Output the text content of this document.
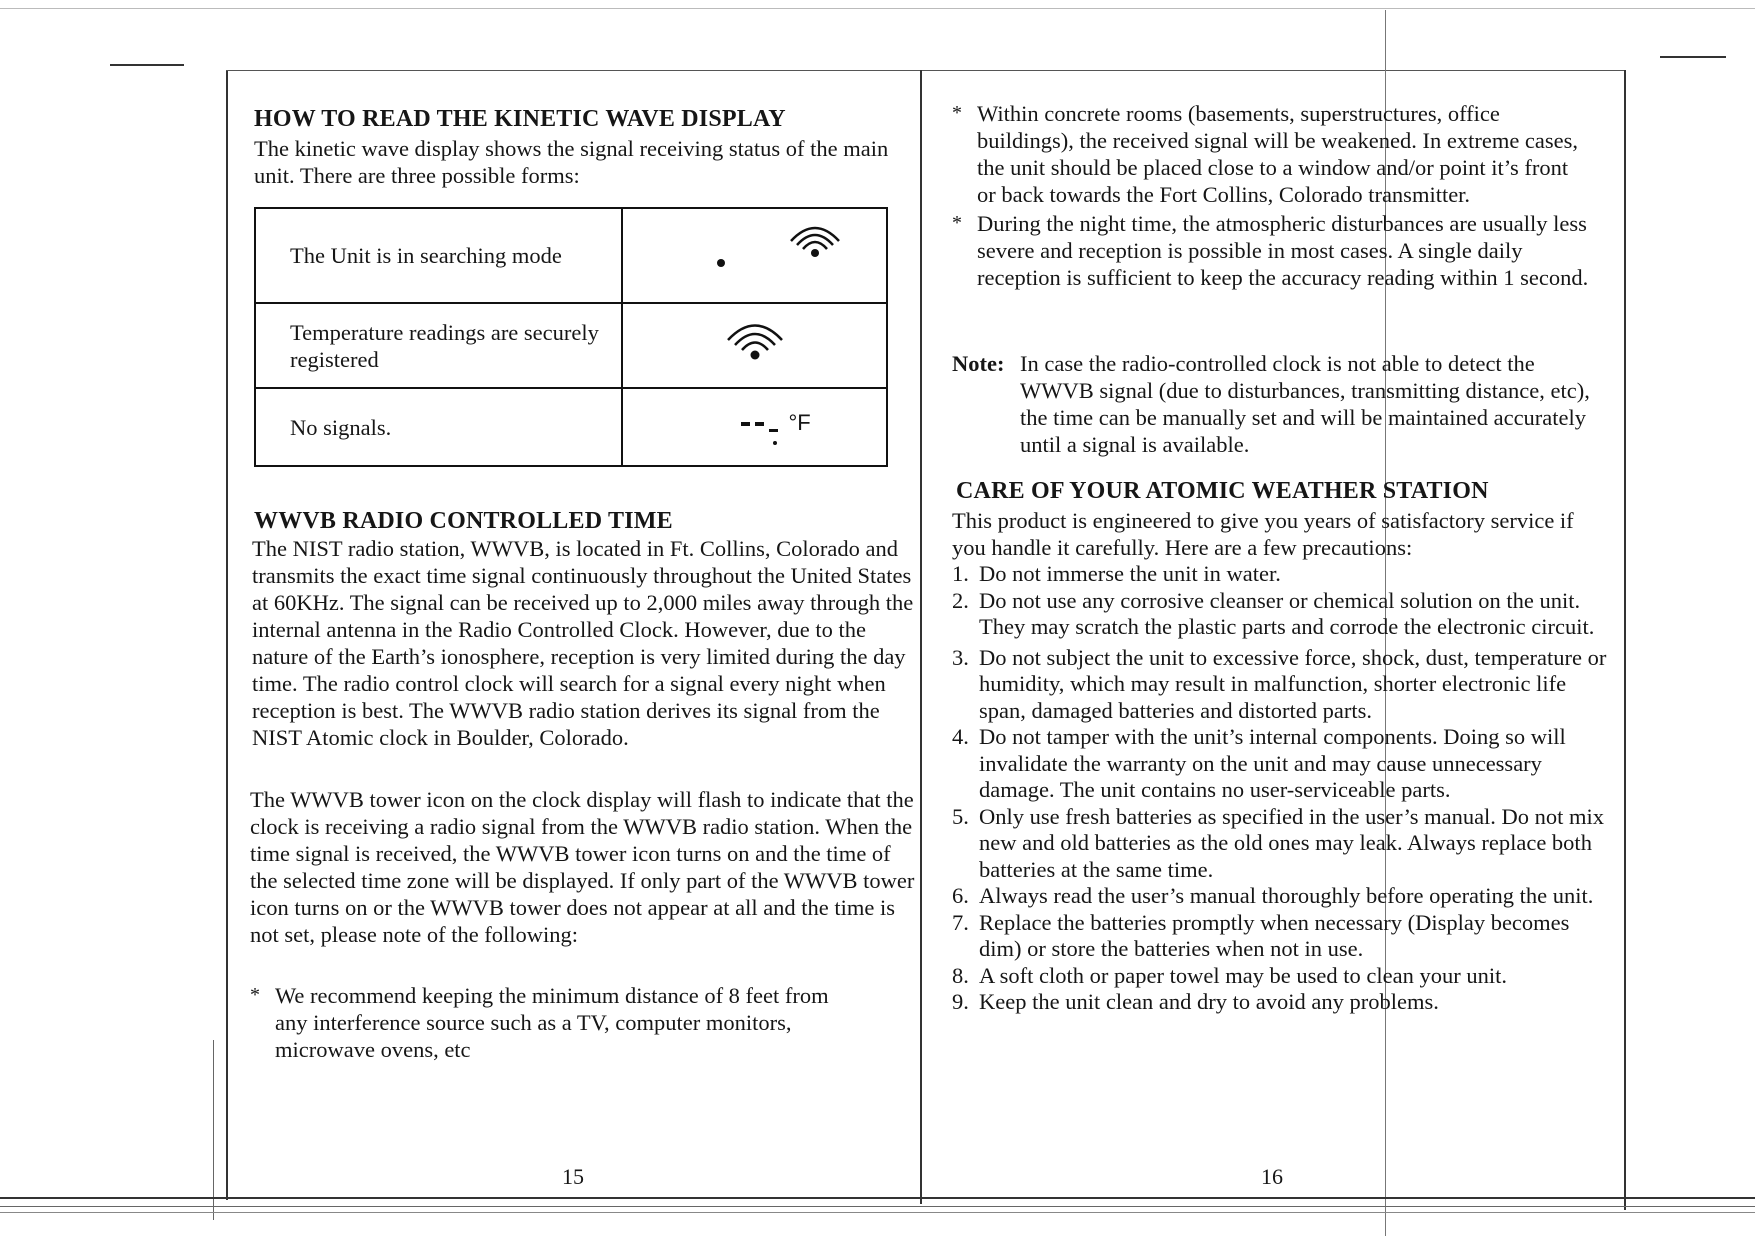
HOW TO READ THE KINETIC WAVE DISPLAY

The kinetic wave display shows the signal receiving status of the main unit. There are three possible forms:

The Unit is in searching mode	
Temperature readings are securely registered	
No signals.	°F
WWVB RADIO CONTROLLED TIME

The NIST radio station, WWVB, is located in Ft. Collins, Colorado and transmits the exact time signal continuously throughout the United States at 60KHz. The signal can be received up to 2,000 miles away through the internal antenna in the Radio Controlled Clock. However, due to the nature of the Earth’s ionosphere, reception is very limited during the day time. The radio control clock will search for a signal every night when reception is best. The WWVB radio station derives its signal from the NIST Atomic clock in Boulder, Colorado.

The WWVB tower icon on the clock display will flash to indicate that the clock is receiving a radio signal from the WWVB radio station. When the time signal is received, the WWVB tower icon turns on and the time of the selected time zone will be displayed. If only part of the WWVB tower icon turns on or the WWVB tower does not appear at all and the time is not set, please note of the following:

* We recommend keeping the minimum distance of 8 feet from any interference source such as a TV, computer monitors, microwave ovens, etc
15
* Within concrete rooms (basements, superstructures, office buildings), the received signal will be weakened. In extreme cases, the unit should be placed close to a window and/or point it’s front or back towards the Fort Collins, Colorado transmitter.
* During the night time, the atmospheric disturbances are usually less severe and reception is possible in most cases. A single daily reception is sufficient to keep the accuracy reading within 1 second.
Note: In case the radio-controlled clock is not able to detect the WWVB signal (due to disturbances, transmitting distance, etc), the time can be manually set and will be maintained accurately until a signal is available.
CARE OF YOUR ATOMIC WEATHER STATION

This product is engineered to give you years of satisfactory service if you handle it carefully. Here are a few precautions:

1. Do not immerse the unit in water.
2. Do not use any corrosive cleanser or chemical solution on the unit. They may scratch the plastic parts and corrode the electronic circuit.
3. Do not subject the unit to excessive force, shock, dust, temperature or humidity, which may result in malfunction, shorter electronic life span, damaged batteries and distorted parts.
4. Do not tamper with the unit’s internal components. Doing so will invalidate the warranty on the unit and may cause unnecessary damage. The unit contains no user-serviceable parts.
5. Only use fresh batteries as specified in the user’s manual. Do not mix new and old batteries as the old ones may leak. Always replace both batteries at the same time.
6. Always read the user’s manual thoroughly before operating the unit.
7. Replace the batteries promptly when necessary (Display becomes dim) or store the batteries when not in use.
8. A soft cloth or paper towel may be used to clean your unit.
9. Keep the unit clean and dry to avoid any problems.
16
